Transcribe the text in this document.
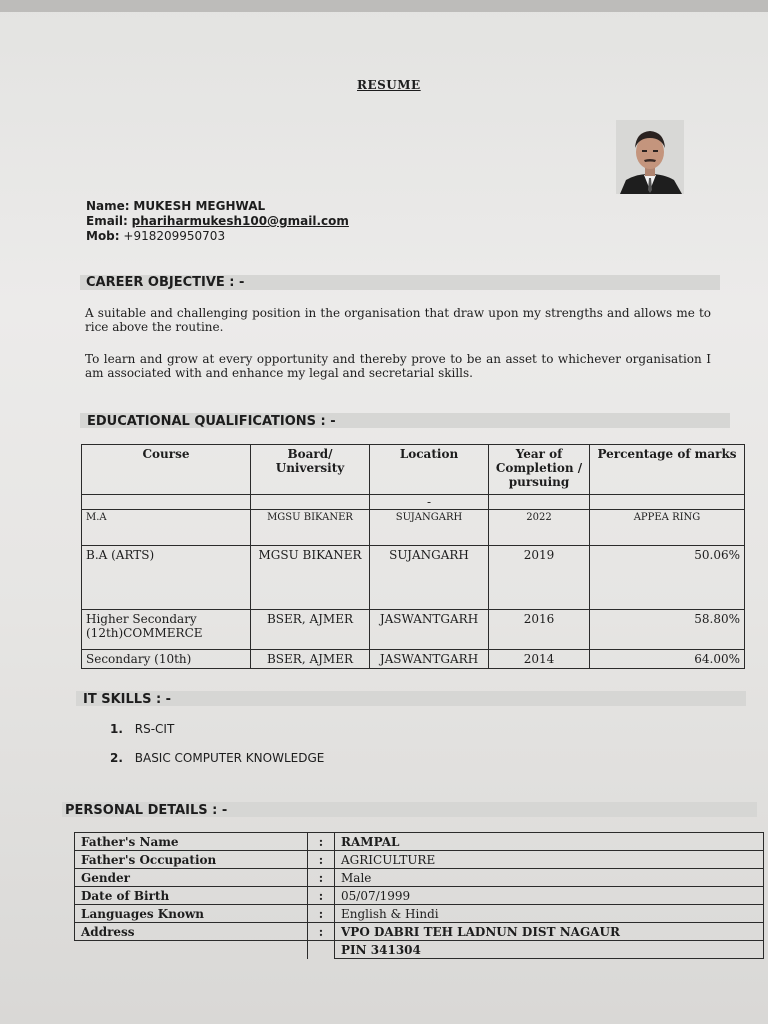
RESUME
Name: MUKESH MEGHWAL
Email: phariharmukesh100@gmail.com
Mob: +918209950703
CAREER OBJECTIVE : -
A suitable and challenging position in the organisation that draw upon my strengths and allows me to rice above the routine.
To learn and grow at every opportunity and thereby prove to be an asset to whichever organisation I am associated with and enhance my legal and secretarial skills.
EDUCATIONAL QUALIFICATIONS : -
Course	Board/ University	Location	Year of Completion / pursuing	Percentage of marks
		-		
M.A	MGSU BIKANER	SUJANGARH	2022	APPEA RING
B.A (ARTS)	MGSU BIKANER	SUJANGARH	2019	50.06%
Higher Secondary (12th)COMMERCE	BSER, AJMER	JASWANTGARH	2016	58.80%
Secondary (10th)	BSER, AJMER	JASWANTGARH	2014	64.00%
IT SKILLS : -
1. RS-CIT
2. BASIC COMPUTER KNOWLEDGE
PERSONAL DETAILS : -
Father's Name	:	RAMPAL
Father's Occupation	:	AGRICULTURE
Gender	:	Male
Date of Birth	:	05/07/1999
Languages Known	:	English & Hindi
Address	:	VPO DABRI TEH LADNUN DIST NAGAUR
		PIN 341304
